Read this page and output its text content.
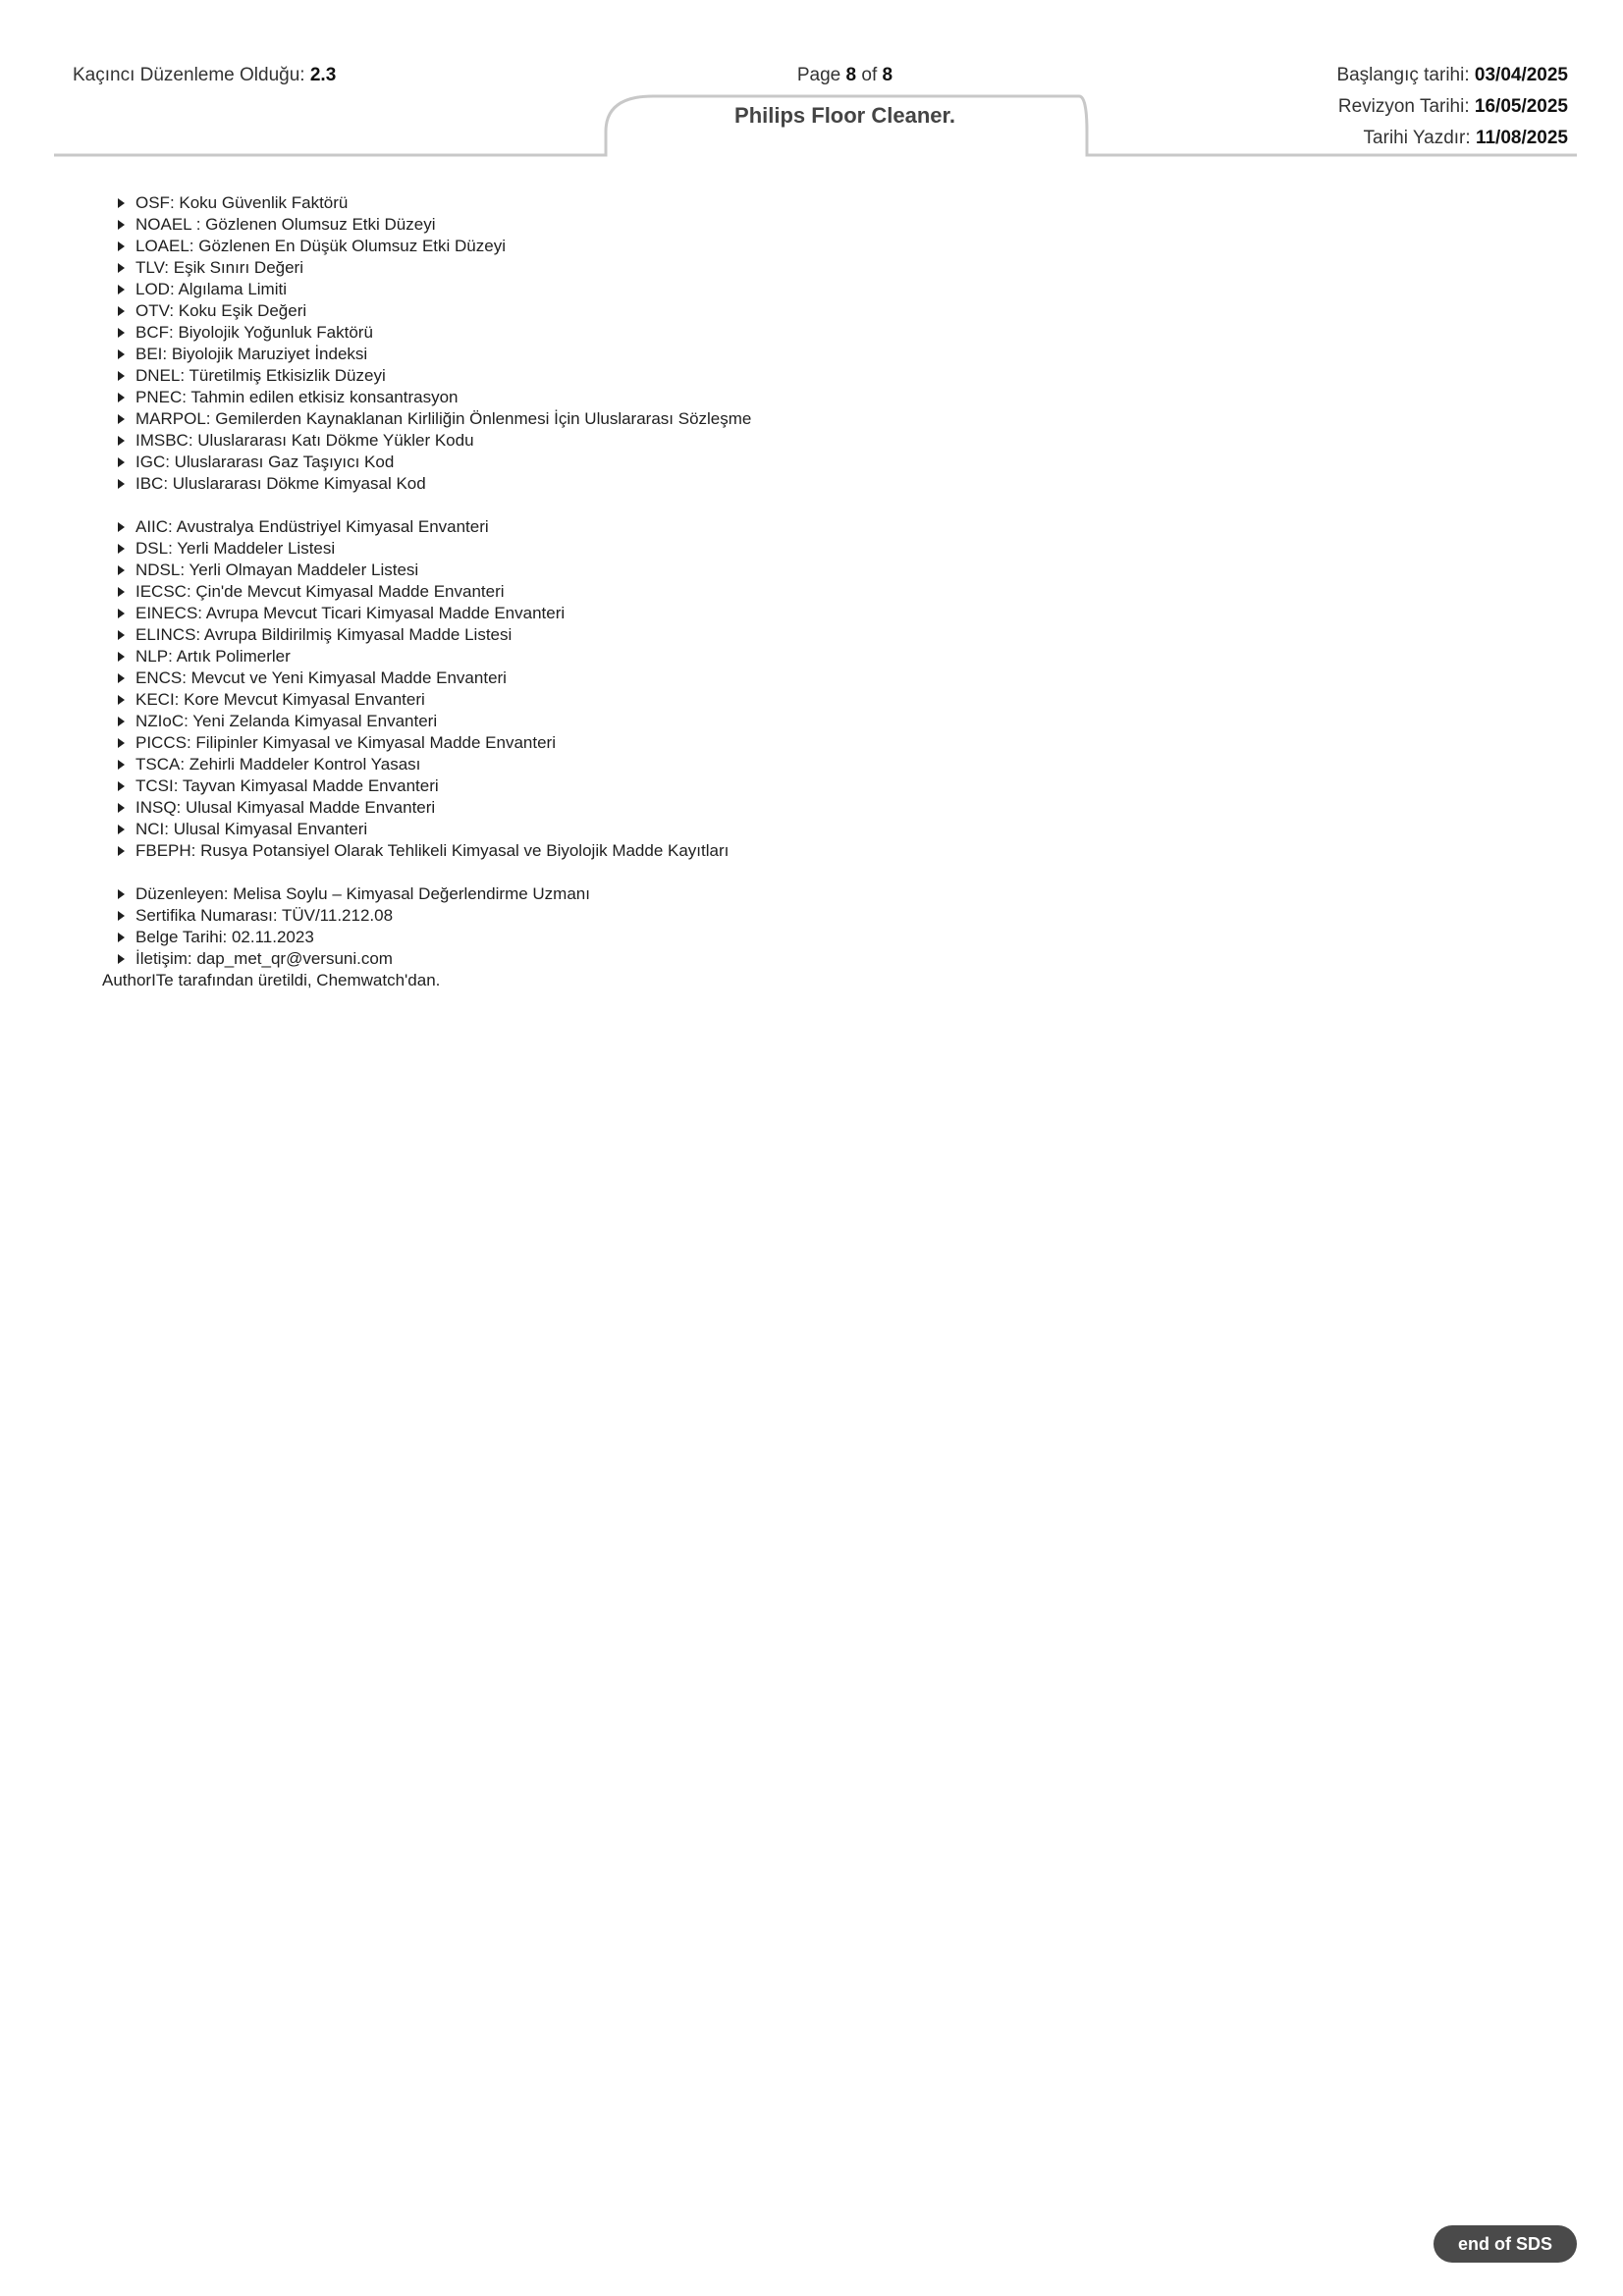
Kaçıncı Düzenleme Olduğu: 2.3	Page 8 of 8	Başlangıç tarihi: 03/04/2025
Revizyon Tarihi: 16/05/2025
Tarihi Yazdır: 11/08/2025
Philips Floor Cleaner.
OSF: Koku Güvenlik Faktörü
NOAEL : Gözlenen Olumsuz Etki Düzeyi
LOAEL: Gözlenen En Düşük Olumsuz Etki Düzeyi
TLV: Eşik Sınırı Değeri
LOD: Algılama Limiti
OTV: Koku Eşik Değeri
BCF: Biyolojik Yoğunluk Faktörü
BEI: Biyolojik Maruziyet İndeksi
DNEL: Türetilmiş Etkisizlik Düzeyi
PNEC: Tahmin edilen etkisiz konsantrasyon
MARPOL: Gemilerden Kaynaklanan Kirliliğin Önlenmesi İçin Uluslararası Sözleşme
IMSBC: Uluslararası Katı Dökme Yükler Kodu
IGC: Uluslararası Gaz Taşıyıcı Kod
IBC: Uluslararası Dökme Kimyasal Kod
AIIC: Avustralya Endüstriyel Kimyasal Envanteri
DSL: Yerli Maddeler Listesi
NDSL: Yerli Olmayan Maddeler Listesi
IECSC: Çin'de Mevcut Kimyasal Madde Envanteri
EINECS: Avrupa Mevcut Ticari Kimyasal Madde Envanteri
ELINCS: Avrupa Bildirilmiş Kimyasal Madde Listesi
NLP: Artık Polimerler
ENCS: Mevcut ve Yeni Kimyasal Madde Envanteri
KECI: Kore Mevcut Kimyasal Envanteri
NZIoC: Yeni Zelanda Kimyasal Envanteri
PICCS: Filipinler Kimyasal ve Kimyasal Madde Envanteri
TSCA: Zehirli Maddeler Kontrol Yasası
TCSI: Tayvan Kimyasal Madde Envanteri
INSQ: Ulusal Kimyasal Madde Envanteri
NCI: Ulusal Kimyasal Envanteri
FBEPH: Rusya Potansiyel Olarak Tehlikeli Kimyasal ve Biyolojik Madde Kayıtları
Düzenleyen: Melisa Soylu – Kimyasal Değerlendirme Uzmanı
Sertifika Numarası: TÜV/11.212.08
Belge Tarihi: 02.11.2023
İletişim: dap_met_qr@versuni.com
AuthorITe tarafından üretildi, Chemwatch'dan.
end of SDS
